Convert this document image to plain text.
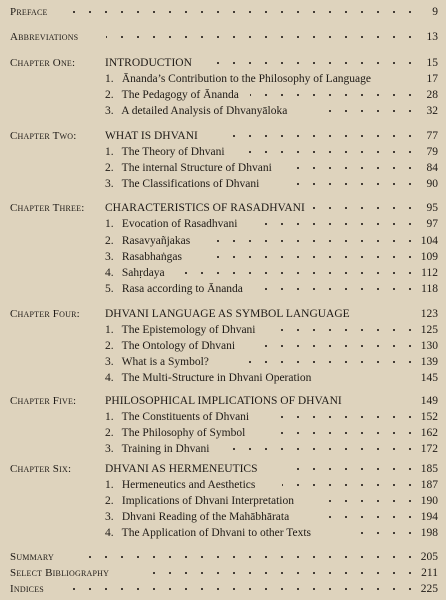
Preface	9
Abbreviations	13
Chapter One:	INTRODUCTION	15
1. Ānanda’s Contribution to the Philosophy of Language	17
2. The Pedagogy of Ānanda	28
3. A detailed Analysis of Dhvanyāloka	32
Chapter Two: WHAT IS DHVANI	77
1. The Theory of Dhvani	79
2. The internal Structure of Dhvani	84
3. The Classifications of Dhvani	90
Chapter Three: CHARACTERISTICS OF RASADHVANI	95
1. Evocation of Rasadhvani	97
2. Rasavyañjakas	104
3. Rasabhaṅgas	109
4. Sahṛdaya	112
5. Rasa according to Ānanda	118
Chapter Four: DHVANI LANGUAGE AS SYMBOL LANGUAGE	123
1. The Epistemology of Dhvani	125
2. The Ontology of Dhvani	130
3. What is a Symbol?	139
4. The Multi-Structure in Dhvani Operation	145
Chapter Five: PHILOSOPHICAL IMPLICATIONS OF DHVANI	149
1. The Constituents of Dhvani	152
2. The Philosophy of Symbol	162
3. Training in Dhvani	172
Chapter Six:	DHVANI AS HERMENEUTICS	185
1. Hermeneutics and Aesthetics	187
2. Implications of Dhvani Interpretation	190
3. Dhvani Reading of the Mahābhārata	194
4. The Application of Dhvani to other Texts	198
Summary	205
Select Bibliography	211
Indices	225
